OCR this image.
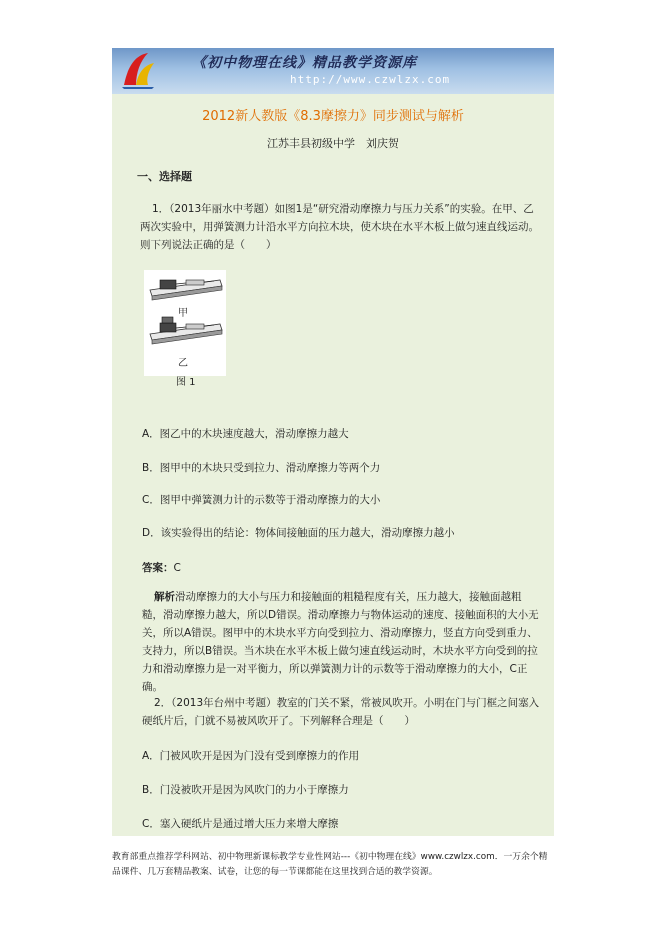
《初中物理在线》精品教学资源库
http://www.czwlzx.com
2012新人教版《8.3摩擦力》同步测试与解析
江苏丰县初级中学　刘庆贺
一、选择题
1．（2013年丽水中考题）如图1是“研究滑动摩擦力与压力关系”的实验。在甲、乙两次实验中，用弹簧测力计沿水平方向拉木块，使木块在水平木板上做匀速直线运动。则下列说法正确的是（　　）
甲
乙
图 1
A．图乙中的木块速度越大，滑动摩擦力越大
B．图甲中的木块只受到拉力、滑动摩擦力等两个力
C．图甲中弹簧测力计的示数等于滑动摩擦力的大小
D．该实验得出的结论：物体间接触面的压力越大，滑动摩擦力越小
答案：C
解析滑动摩擦力的大小与压力和接触面的粗糙程度有关，压力越大，接触面越粗糙，滑动摩擦力越大，所以D错误。滑动摩擦力与物体运动的速度、接触面积的大小无关，所以A错误。图甲中的木块水平方向受到拉力、滑动摩擦力，竖直方向受到重力、支持力，所以B错误。当木块在水平木板上做匀速直线运动时，木块水平方向受到的拉力和滑动摩擦力是一对平衡力，所以弹簧测力计的示数等于滑动摩擦力的大小，C正确。
2．（2013年台州中考题）教室的门关不紧，常被风吹开。小明在门与门框之间塞入硬纸片后，门就不易被风吹开了。下列解释合理是（　　）
A．门被风吹开是因为门没有受到摩擦力的作用
B．门没被吹开是因为风吹门的力小于摩擦力
C．塞入硬纸片是通过增大压力来增大摩擦
教育部重点推荐学科网站、初中物理新课标教学专业性网站---《初中物理在线》www.czwlzx.com．一万余个精品课件、几万套精品教案、试卷，让您的每一节课都能在这里找到合适的教学资源。
